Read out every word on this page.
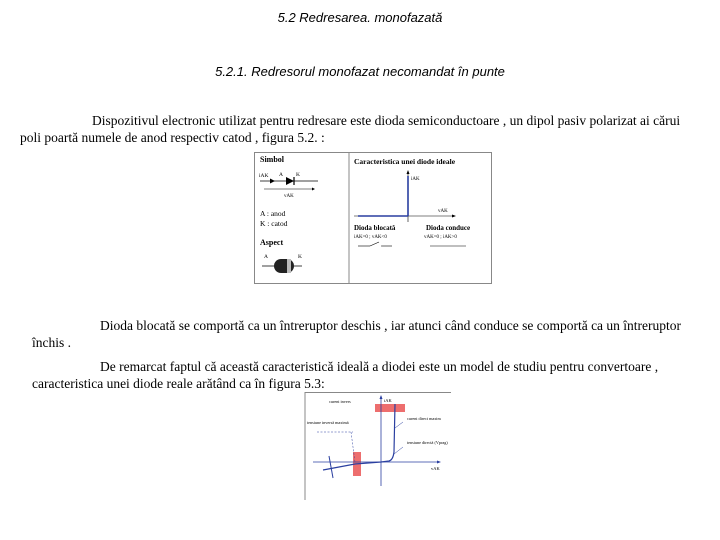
5.2 Redresarea. monofazată
5.2.1. Redresorul monofazat necomandat în punte
Dispozitivul electronic utilizat pentru redresare este dioda semiconductoare , un dipol pasiv polarizat ai cărui poli poartă numele de anod respectiv catod , figura 5.2. :
Simbol
iAK A K
vAK
A : anod
K : catod
Aspect
A	K
Caracteristica unei diode ideale
iAK
vAK
Dioda blocată
iAK=0 ; vAK<0
Dioda conduce
vAK=0 ; iAK>0
Dioda blocată se comportă ca un întreruptor deschis , iar atunci când conduce se comportă ca un întreruptor închis .
De remarcat faptul că această caracteristică ideală a diodei este un model de studiu pentru convertoare , caracteristica unei diode reale arătând ca în figura 5.3:
iAK
vAK
curent invers
tensiune inversă maximă
curent direct maxim
tensiune directă (Vprag)
